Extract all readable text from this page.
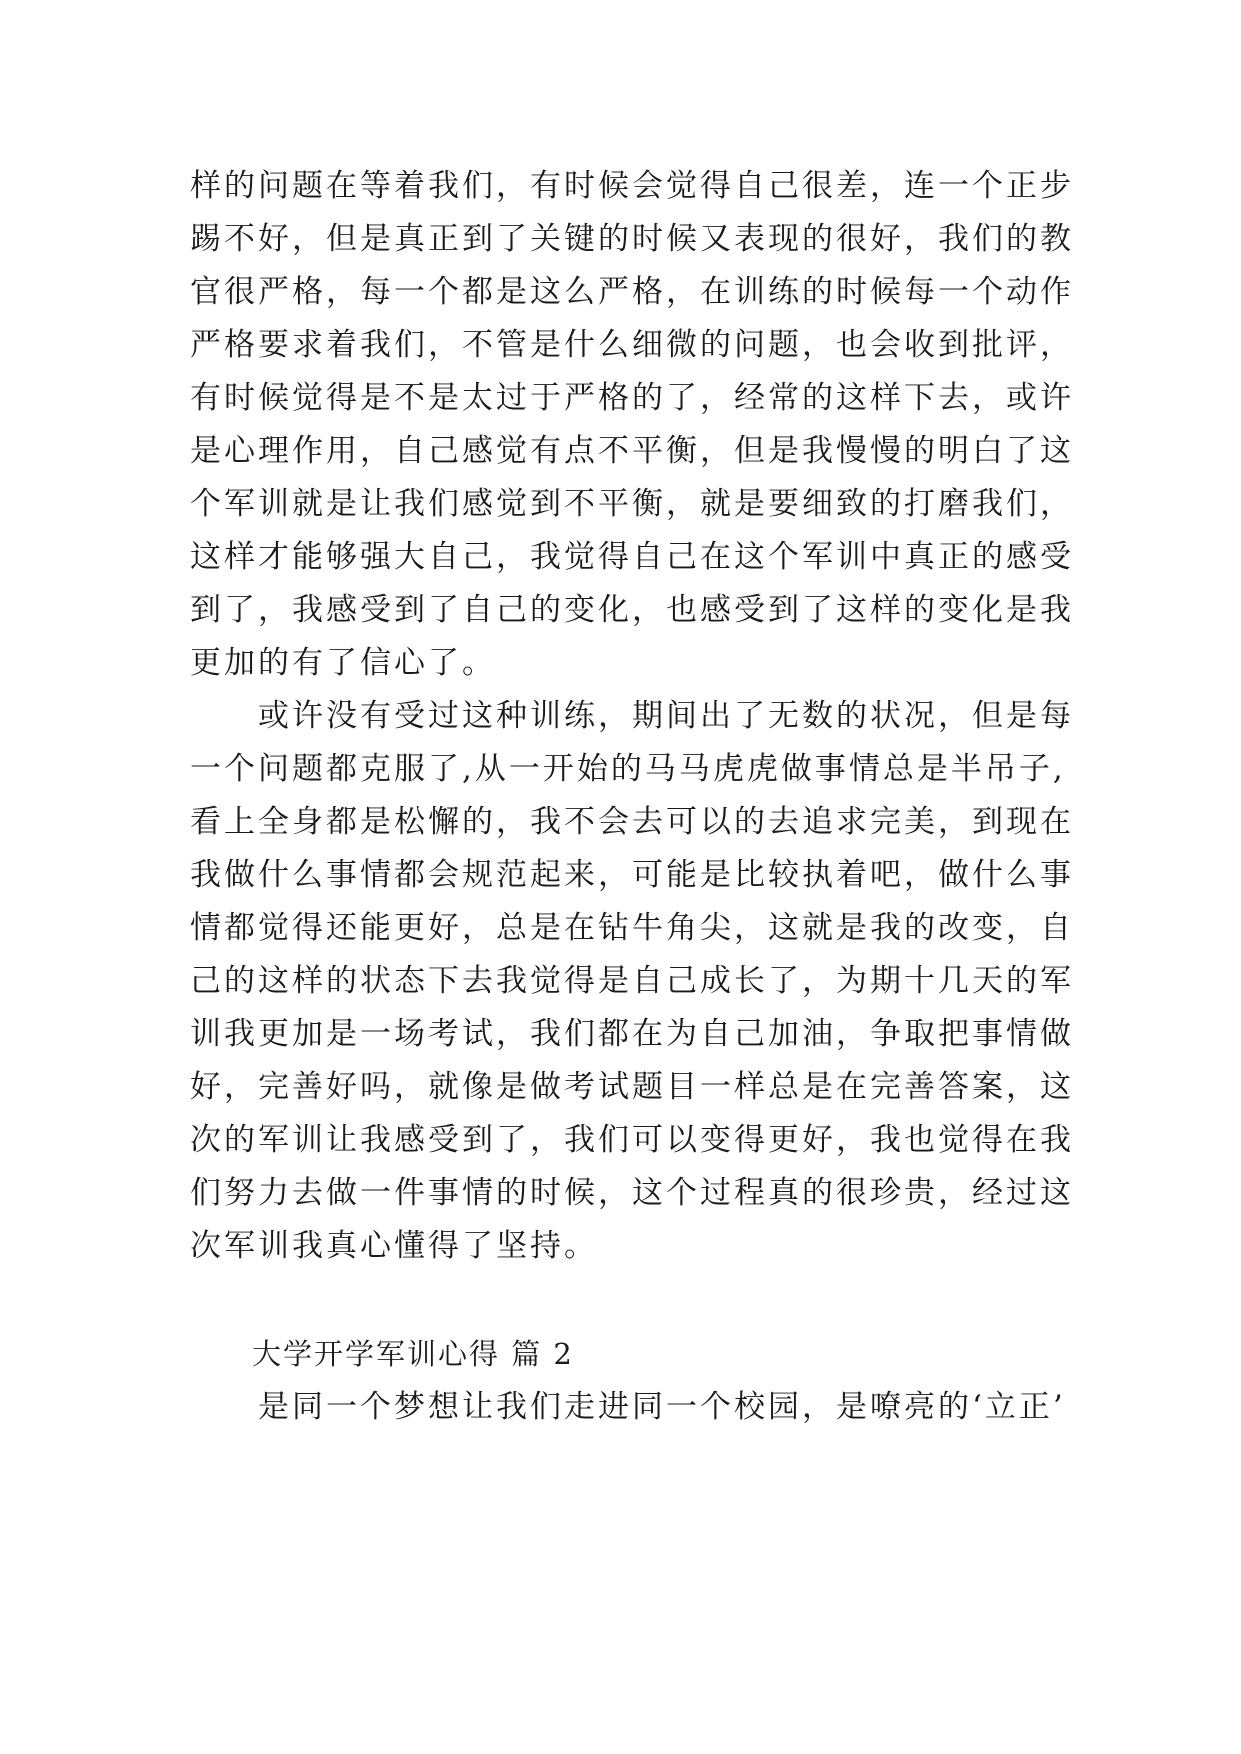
样的问题在等着我们，有时候会觉得自己很差，连一个正步
踢不好，但是真正到了关键的时候又表现的很好，我们的教
官很严格，每一个都是这么严格，在训练的时候每一个动作
严格要求着我们，不管是什么细微的问题，也会收到批评，
有时候觉得是不是太过于严格的了，经常的这样下去，或许
是心理作用，自己感觉有点不平衡，但是我慢慢的明白了这
个军训就是让我们感觉到不平衡，就是要细致的打磨我们，
这样才能够强大自己，我觉得自己在这个军训中真正的感受
到了，我感受到了自己的变化，也感受到了这样的变化是我
更加的有了信心了。
　　或许没有受过这种训练，期间出了无数的状况，但是每
一个问题都克服了,从一开始的马马虎虎做事情总是半吊子,
看上全身都是松懈的，我不会去可以的去追求完美，到现在
我做什么事情都会规范起来，可能是比较执着吧，做什么事
情都觉得还能更好，总是在钻牛角尖，这就是我的改变，自
己的这样的状态下去我觉得是自己成长了，为期十几天的军
训我更加是一场考试，我们都在为自己加油，争取把事情做
好，完善好吗，就像是做考试题目一样总是在完善答案，这
次的军训让我感受到了，我们可以变得更好，我也觉得在我
们努力去做一件事情的时候，这个过程真的很珍贵，经过这
次军训我真心懂得了坚持。
　　大学开学军训心得 篇 2
　　是同一个梦想让我们走进同一个校园，是嘹亮的‘立正’
